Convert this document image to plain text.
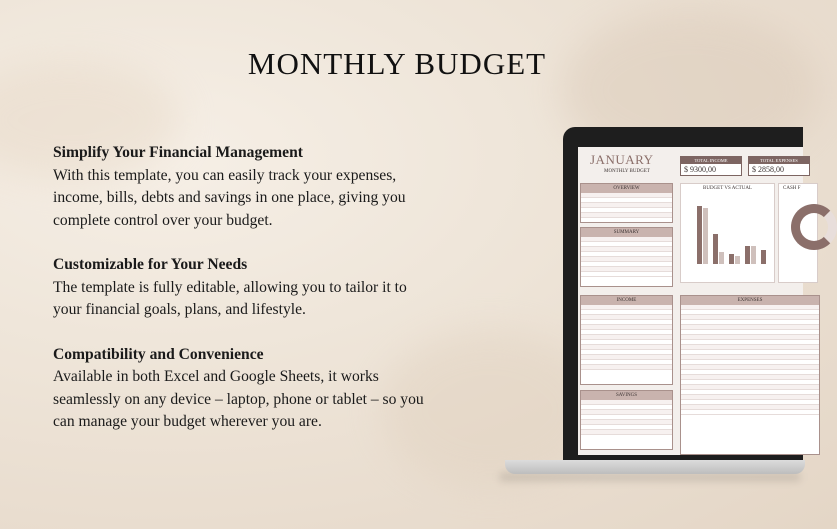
MONTHLY BUDGET
Simplify Your Financial Management

With this template, you can easily track your expenses, income, bills, debts and savings in one place, giving you complete control over your budget.

Customizable for Your Needs

The template is fully editable, allowing you to tailor it to your financial goals, plans, and lifestyle.

Compatibility and Convenience

Available in both Excel and Google Sheets, it works seamlessly on any device – laptop, phone or tablet – so you can manage your budget wherever you are.

JANUARY
MONTHLY BUDGET
TOTAL INCOME
$ 9300,00
TOTAL EXPENSES
$ 2858,00
OVERVIEW
SUMMARY
INCOME
SAVINGS
BUDGET VS ACTUAL	CASH F
EXPENSES
